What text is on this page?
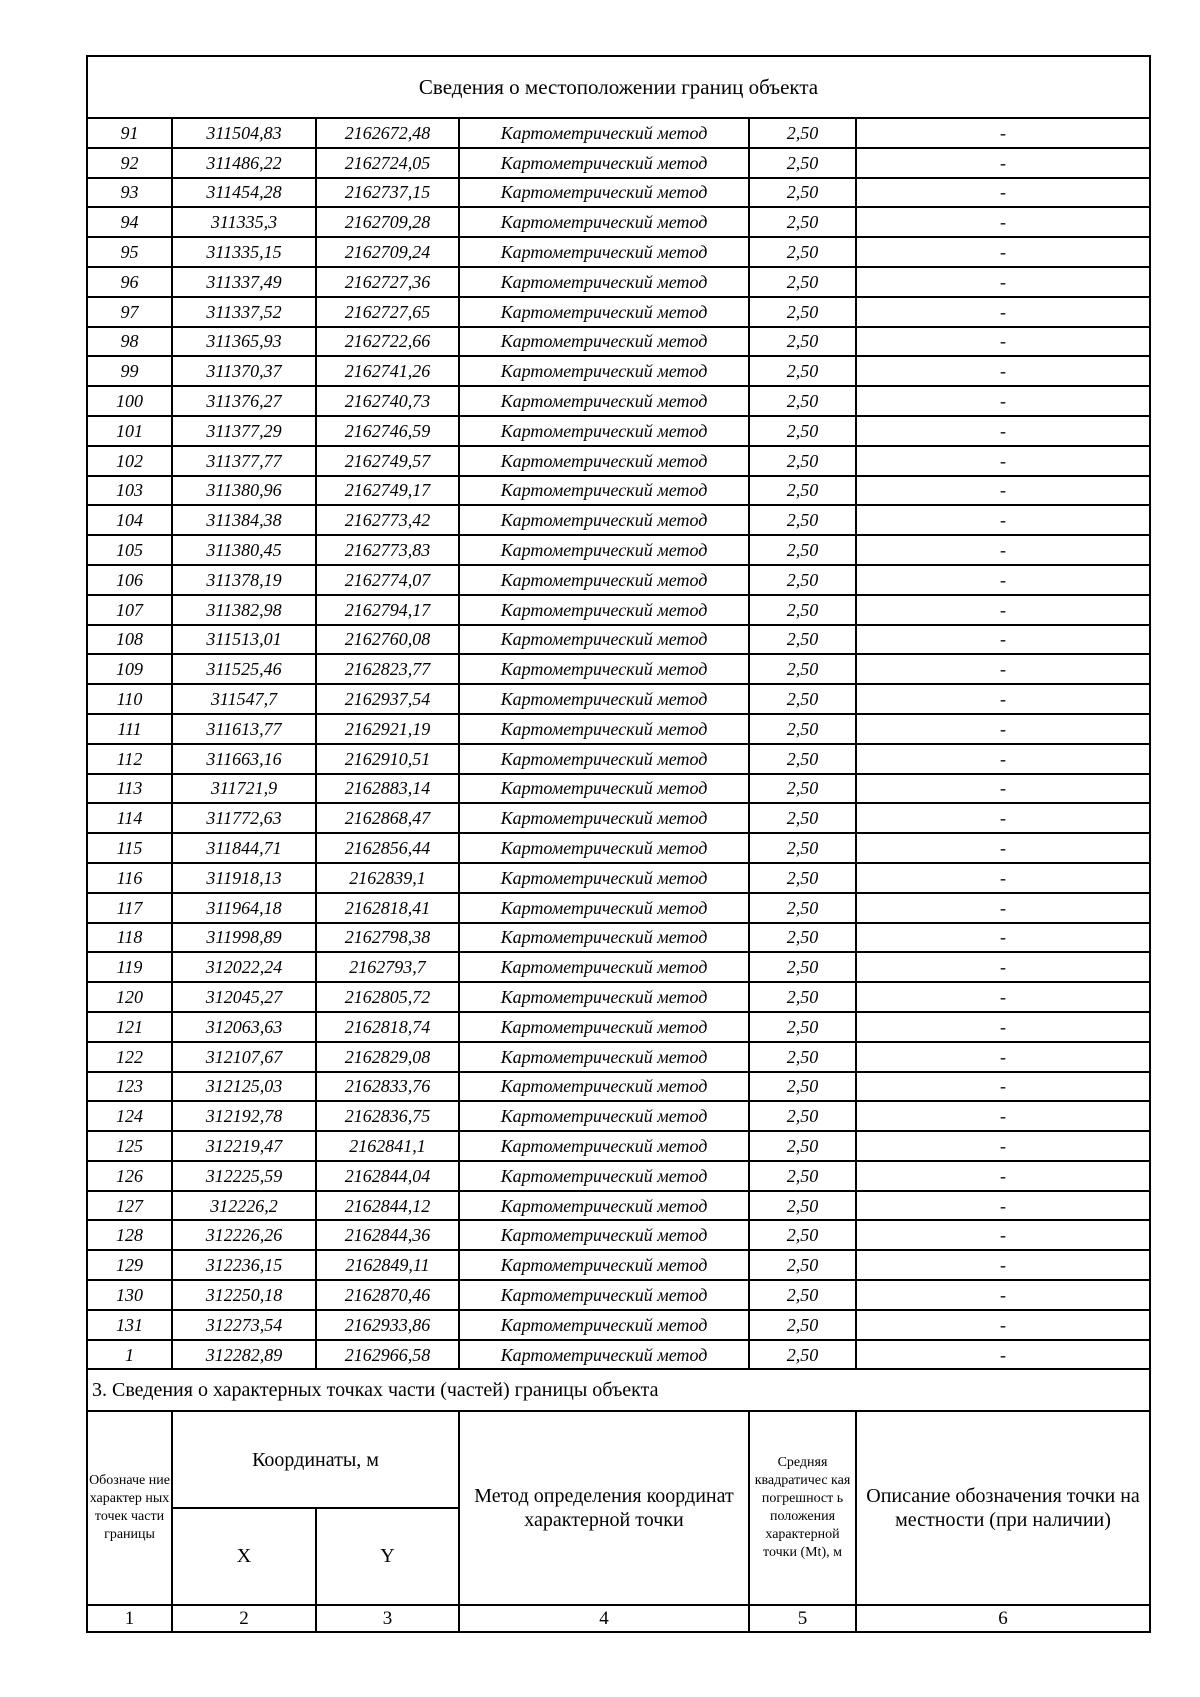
Сведения о местоположении границ объекта					
91	311504,83	2162672,48	Картометрический метод	2,50	-
92	311486,22	2162724,05	Картометрический метод	2,50	-
93	311454,28	2162737,15	Картометрический метод	2,50	-
94	311335,3	2162709,28	Картометрический метод	2,50	-
95	311335,15	2162709,24	Картометрический метод	2,50	-
96	311337,49	2162727,36	Картометрический метод	2,50	-
97	311337,52	2162727,65	Картометрический метод	2,50	-
98	311365,93	2162722,66	Картометрический метод	2,50	-
99	311370,37	2162741,26	Картометрический метод	2,50	-
100	311376,27	2162740,73	Картометрический метод	2,50	-
101	311377,29	2162746,59	Картометрический метод	2,50	-
102	311377,77	2162749,57	Картометрический метод	2,50	-
103	311380,96	2162749,17	Картометрический метод	2,50	-
104	311384,38	2162773,42	Картометрический метод	2,50	-
105	311380,45	2162773,83	Картометрический метод	2,50	-
106	311378,19	2162774,07	Картометрический метод	2,50	-
107	311382,98	2162794,17	Картометрический метод	2,50	-
108	311513,01	2162760,08	Картометрический метод	2,50	-
109	311525,46	2162823,77	Картометрический метод	2,50	-
110	311547,7	2162937,54	Картометрический метод	2,50	-
111	311613,77	2162921,19	Картометрический метод	2,50	-
112	311663,16	2162910,51	Картометрический метод	2,50	-
113	311721,9	2162883,14	Картометрический метод	2,50	-
114	311772,63	2162868,47	Картометрический метод	2,50	-
115	311844,71	2162856,44	Картометрический метод	2,50	-
116	311918,13	2162839,1	Картометрический метод	2,50	-
117	311964,18	2162818,41	Картометрический метод	2,50	-
118	311998,89	2162798,38	Картометрический метод	2,50	-
119	312022,24	2162793,7	Картометрический метод	2,50	-
120	312045,27	2162805,72	Картометрический метод	2,50	-
121	312063,63	2162818,74	Картометрический метод	2,50	-
122	312107,67	2162829,08	Картометрический метод	2,50	-
123	312125,03	2162833,76	Картометрический метод	2,50	-
124	312192,78	2162836,75	Картометрический метод	2,50	-
125	312219,47	2162841,1	Картометрический метод	2,50	-
126	312225,59	2162844,04	Картометрический метод	2,50	-
127	312226,2	2162844,12	Картометрический метод	2,50	-
128	312226,26	2162844,36	Картометрический метод	2,50	-
129	312236,15	2162849,11	Картометрический метод	2,50	-
130	312250,18	2162870,46	Картометрический метод	2,50	-
131	312273,54	2162933,86	Картометрический метод	2,50	-
1	312282,89	2162966,58	Картометрический метод	2,50	-
3. Сведения о характерных точках части (частей) границы объекта					
Обозначе ние характер ных точек части границы	Координаты, м		Метод определения координат характерной точки	Средняя квадратичес кая погрешност ь положения характерной точки (Mt), м	Описание обозначения точки на местности (при наличии)
	X	Y			
1	2	3	4	5	6
